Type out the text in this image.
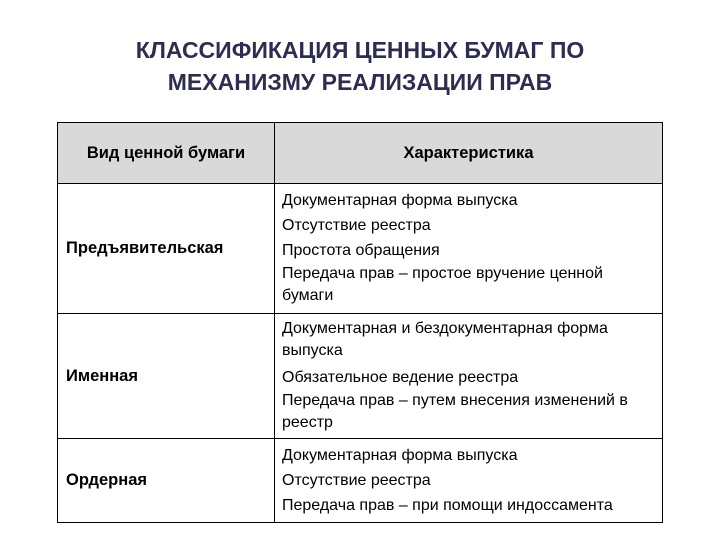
КЛАССИФИКАЦИЯ ЦЕННЫХ БУМАГ ПО
МЕХАНИЗМУ РЕАЛИЗАЦИИ ПРАВ
Вид ценной бумаги	Характеристика
Предъявительская	Документарная форма выпуска
Отсутствие реестра
Простота обращения
Передача прав – простое вручение ценной бумаги

Именная	Документарная и бездокументарная форма выпуска
Обязательное ведение реестра
Передача прав – путем внесения изменений в реестр

Ордерная	Документарная форма выпуска
Отсутствие реестра
Передача прав – при помощи индоссамента
